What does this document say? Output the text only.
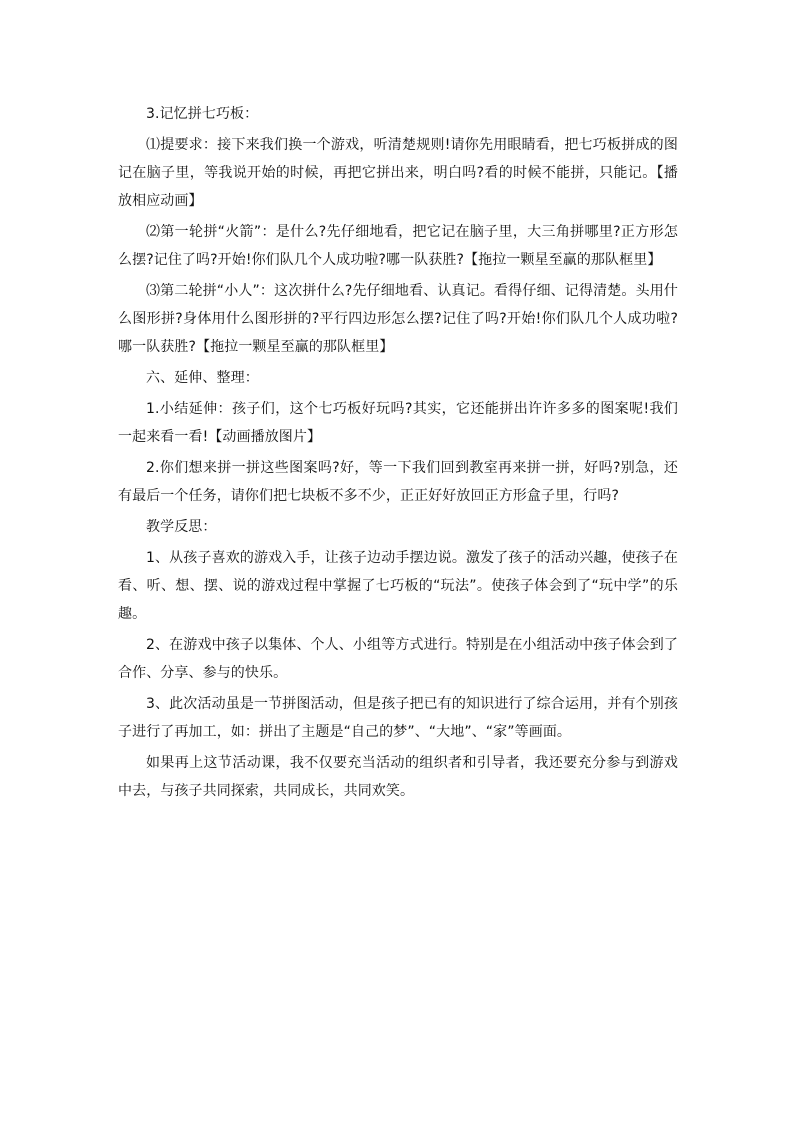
3.记忆拼七巧板：

⑴提要求：接下来我们换一个游戏，听清楚规则!请你先用眼睛看，把七巧板拼成的图记在脑子里，等我说开始的时候，再把它拼出来，明白吗?看的时候不能拼，只能记。【播放相应动画】

⑵第一轮拼“火箭”：是什么?先仔细地看，把它记在脑子里，大三角拼哪里?正方形怎么摆?记住了吗?开始!你们队几个人成功啦?哪一队获胜?【拖拉一颗星至赢的那队框里】

⑶第二轮拼“小人”：这次拼什么?先仔细地看、认真记。看得仔细、记得清楚。头用什么图形拼?身体用什么图形拼的?平行四边形怎么摆?记住了吗?开始!你们队几个人成功啦?哪一队获胜?【拖拉一颗星至赢的那队框里】

六、延伸、整理：

1.小结延伸：孩子们，这个七巧板好玩吗?其实，它还能拼出许许多多的图案呢!我们一起来看一看!【动画播放图片】

2.你们想来拼一拼这些图案吗?好，等一下我们回到教室再来拼一拼，好吗?别急，还有最后一个任务，请你们把七块板不多不少，正正好好放回正方形盒子里，行吗?

教学反思：

1、从孩子喜欢的游戏入手，让孩子边动手摆边说。激发了孩子的活动兴趣，使孩子在看、听、想、摆、说的游戏过程中掌握了七巧板的“玩法”。使孩子体会到了“玩中学”的乐趣。

2、在游戏中孩子以集体、个人、小组等方式进行。特别是在小组活动中孩子体会到了合作、分享、参与的快乐。

3、此次活动虽是一节拼图活动，但是孩子把已有的知识进行了综合运用，并有个别孩子进行了再加工，如：拼出了主题是“自己的梦”、“大地”、“家”等画面。

如果再上这节活动课，我不仅要充当活动的组织者和引导者，我还要充分参与到游戏中去，与孩子共同探索，共同成长，共同欢笑。
